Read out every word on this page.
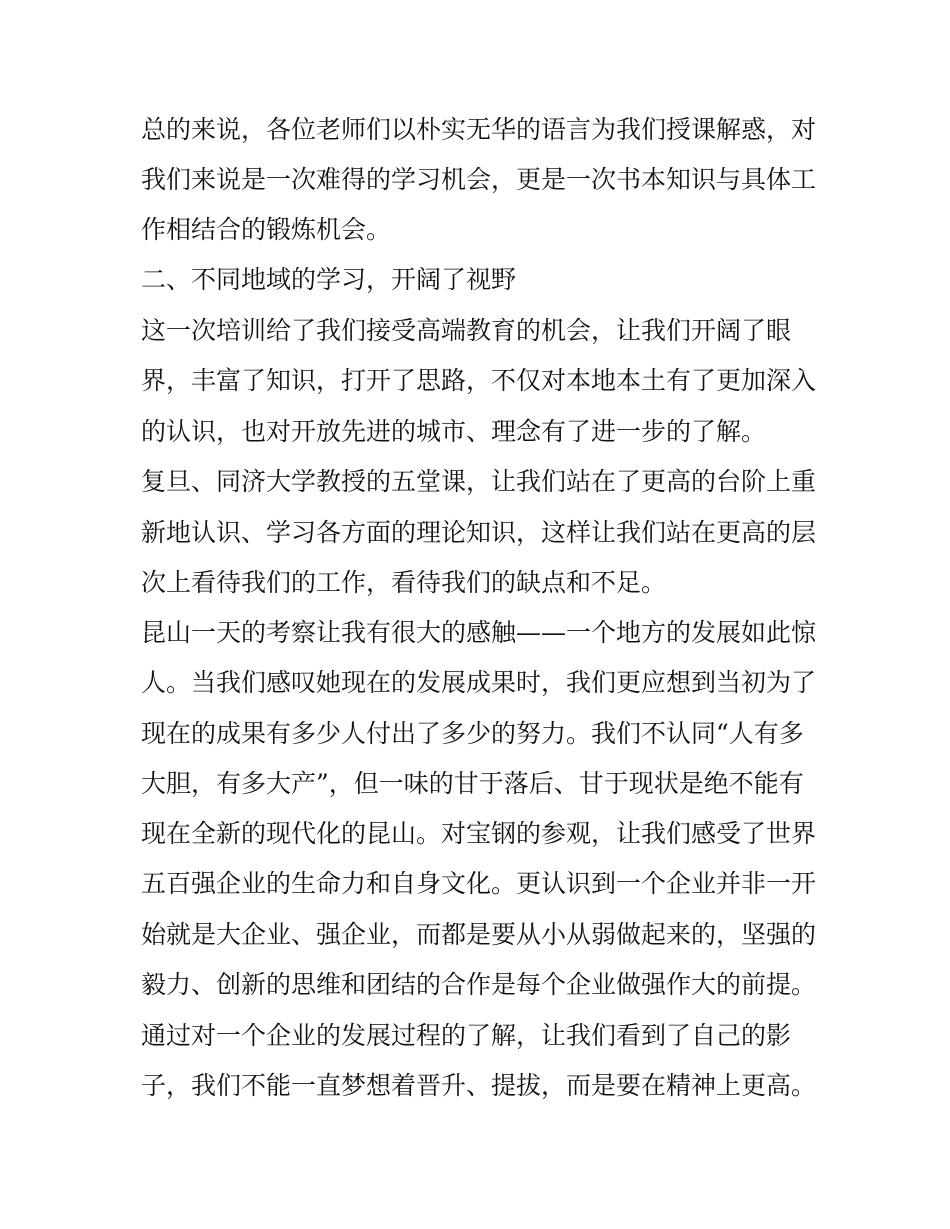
总的来说，各位老师们以朴实无华的语言为我们授课解惑，对
我们来说是一次难得的学习机会，更是一次书本知识与具体工
作相结合的锻炼机会。
二、不同地域的学习，开阔了视野
这一次培训给了我们接受高端教育的机会，让我们开阔了眼
界，丰富了知识，打开了思路，不仅对本地本土有了更加深入
的认识，也对开放先进的城市、理念有了进一步的了解。
复旦、同济大学教授的五堂课，让我们站在了更高的台阶上重
新地认识、学习各方面的理论知识，这样让我们站在更高的层
次上看待我们的工作，看待我们的缺点和不足。
昆山一天的考察让我有很大的感触——一个地方的发展如此惊
人。当我们感叹她现在的发展成果时，我们更应想到当初为了
现在的成果有多少人付出了多少的努力。我们不认同“人有多
大胆，有多大产”，但一味的甘于落后、甘于现状是绝不能有
现在全新的现代化的昆山。对宝钢的参观，让我们感受了世界
五百强企业的生命力和自身文化。更认识到一个企业并非一开
始就是大企业、强企业，而都是要从小从弱做起来的，坚强的
毅力、创新的思维和团结的合作是每个企业做强作大的前提。
通过对一个企业的发展过程的了解，让我们看到了自己的影
子，我们不能一直梦想着晋升、提拔，而是要在精神上更高。
